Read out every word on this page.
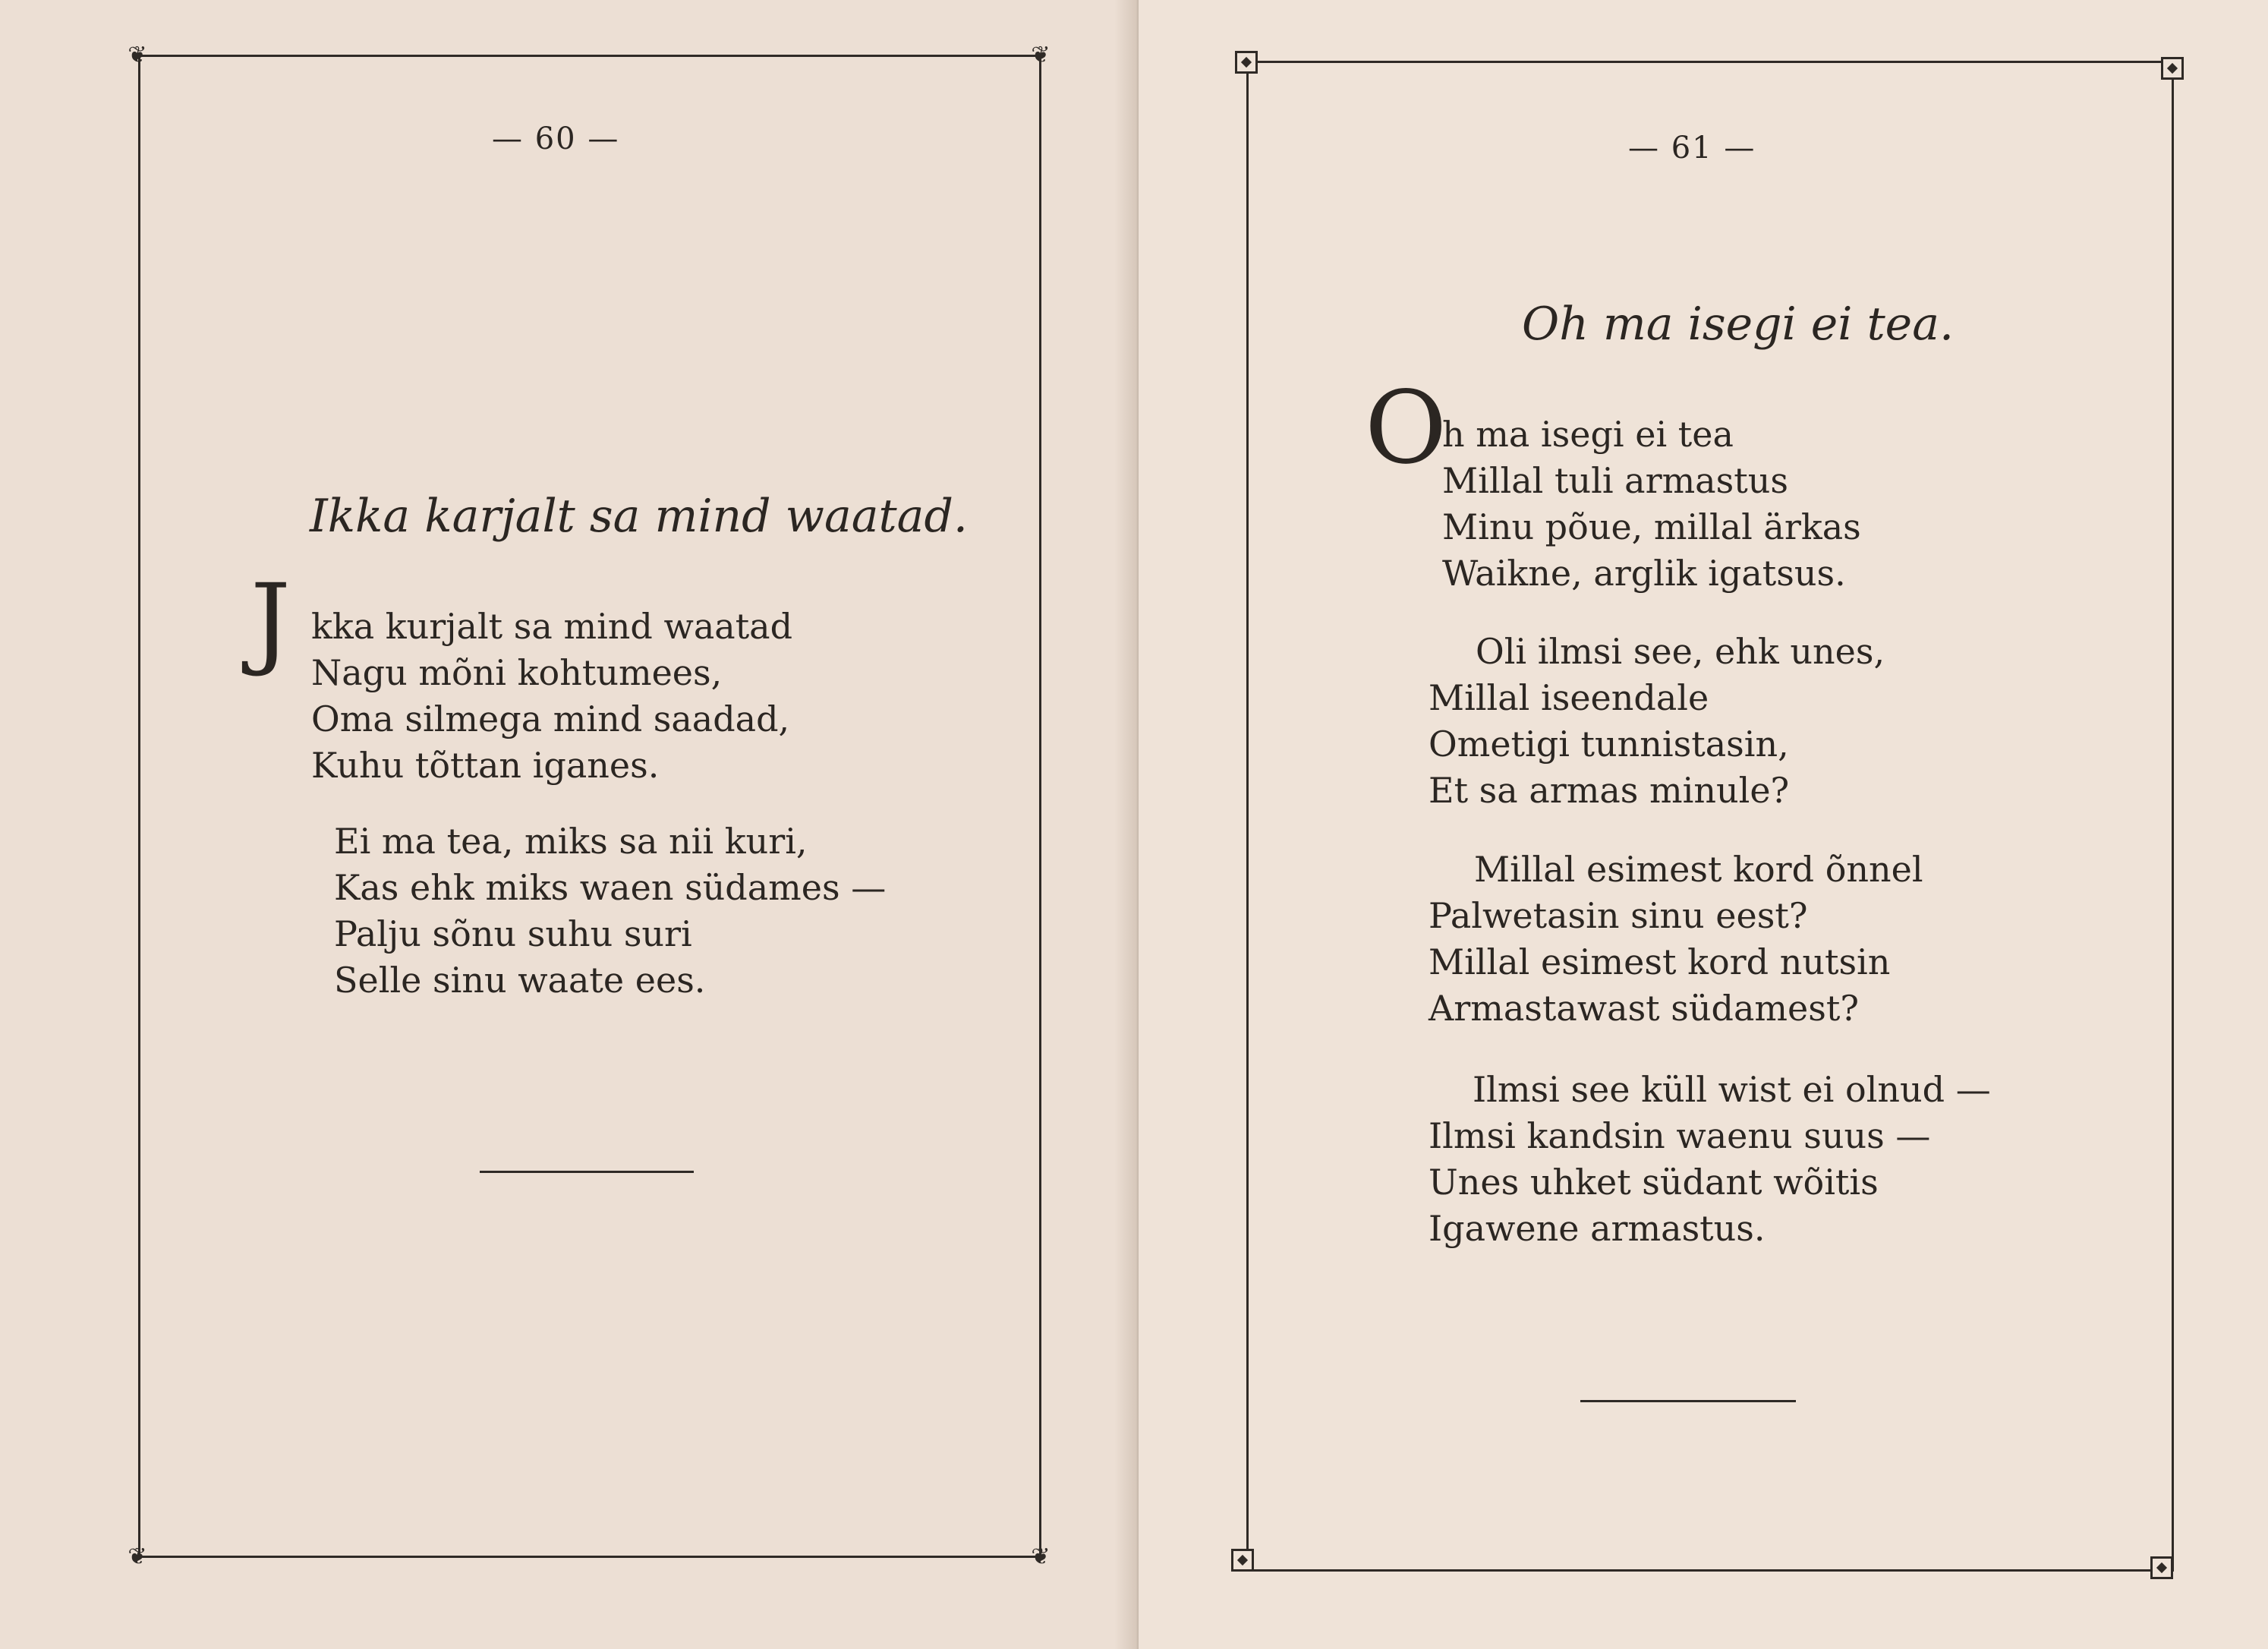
❦	❦
❦	❦
— 60 —
Ikka karjalt sa mind waatad.
J kka kurjalt sa mind waatad
Nagu mõni kohtumees,
Oma silmega mind saadad,
Kuhu tõttan iganes.
Ei ma tea, miks sa nii kuri,
Kas ehk miks waen südames —
Palju sõnu suhu suri
Selle sinu waate ees.
— 61 —
Oh ma isegi ei tea.
O
h ma isegi ei tea
Millal tuli armastus
Minu põue, millal ärkas
Waikne, arglik igatsus.
Oli ilmsi see, ehk unes,
Millal iseendale
Ometigi tunnistasin,
Et sa armas minule?
Millal esimest kord õnnel
Palwetasin sinu eest?
Millal esimest kord nutsin
Armastawast südamest?
Ilmsi see küll wist ei olnud —
Ilmsi kandsin waenu suus —
Unes uhket südant wõitis
Igawene armastus.
